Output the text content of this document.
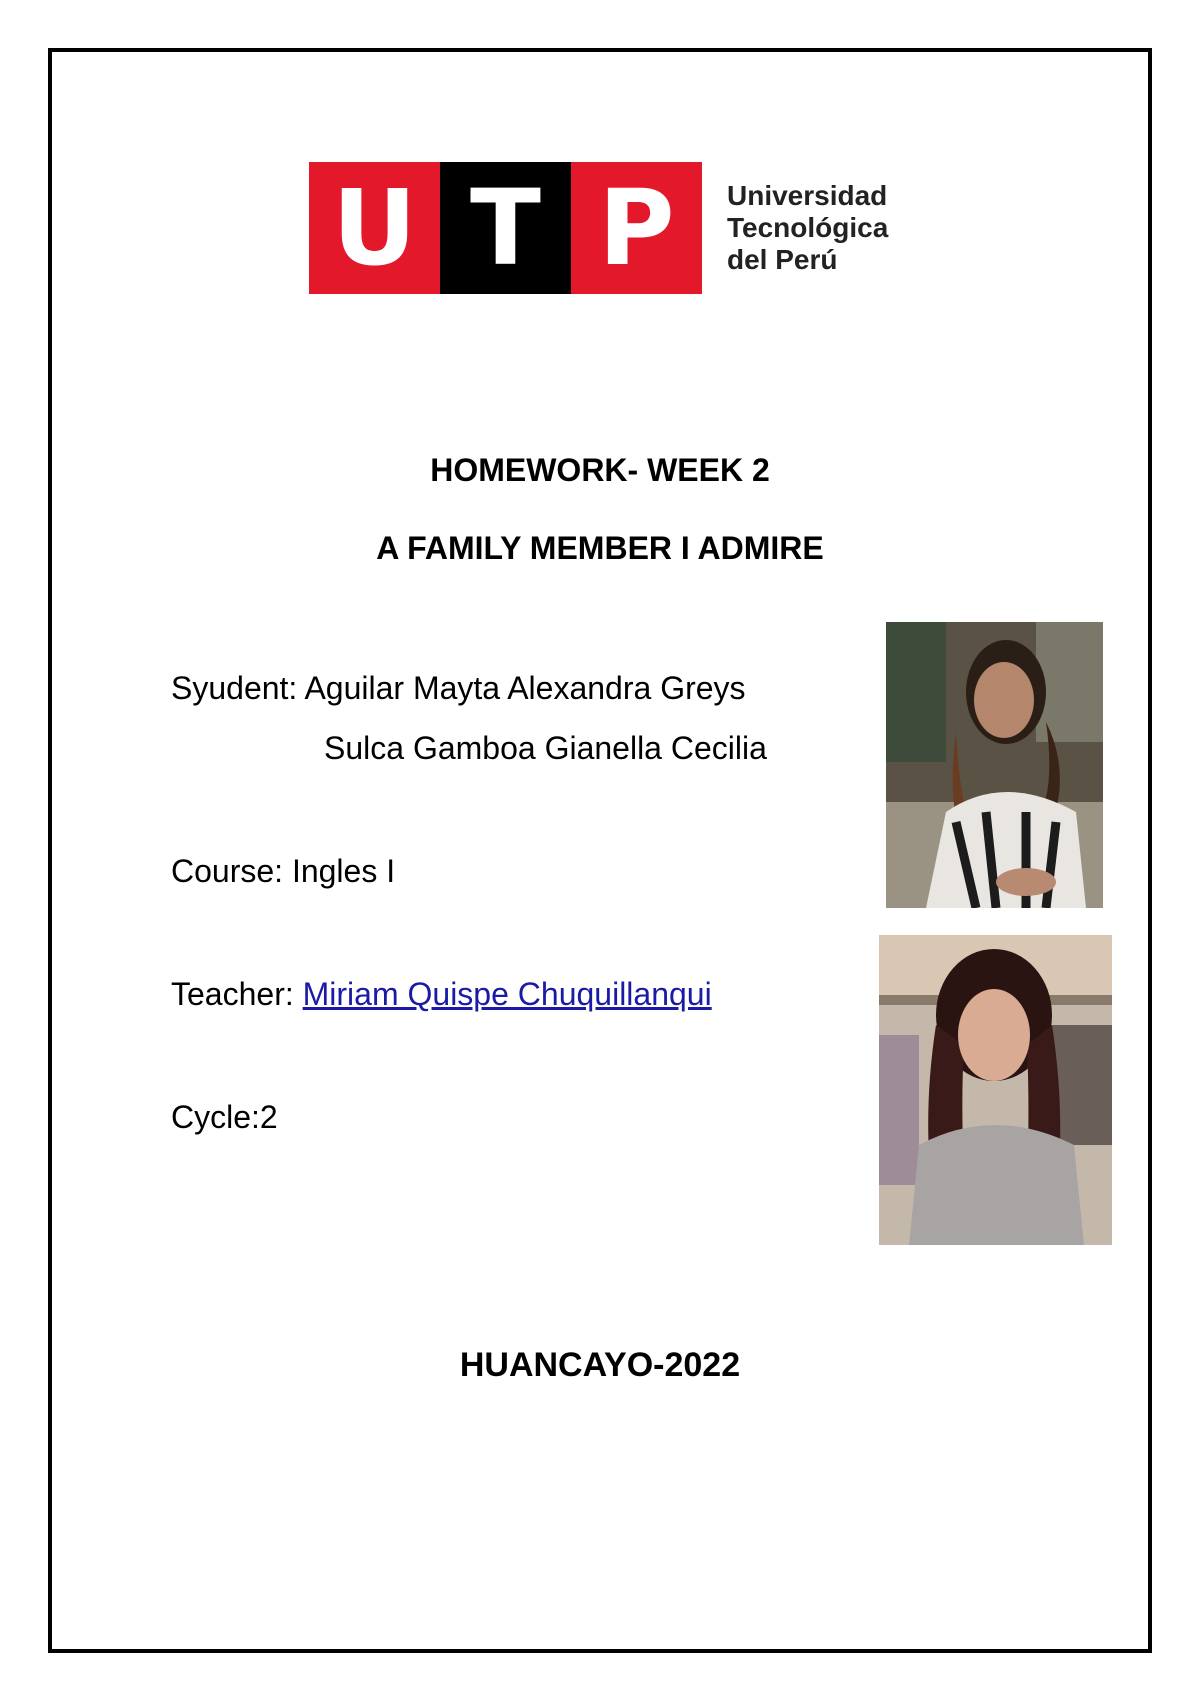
U T P	Universidad
Tecnológica
del Perú
HOMEWORK- WEEK 2
A FAMILY MEMBER I ADMIRE
Syudent: Aguilar Mayta Alexandra Greys
Sulca Gamboa Gianella Cecilia
Course: Ingles I
Teacher: Miriam Quispe Chuquillanqui
Cycle:2
HUANCAYO-2022
